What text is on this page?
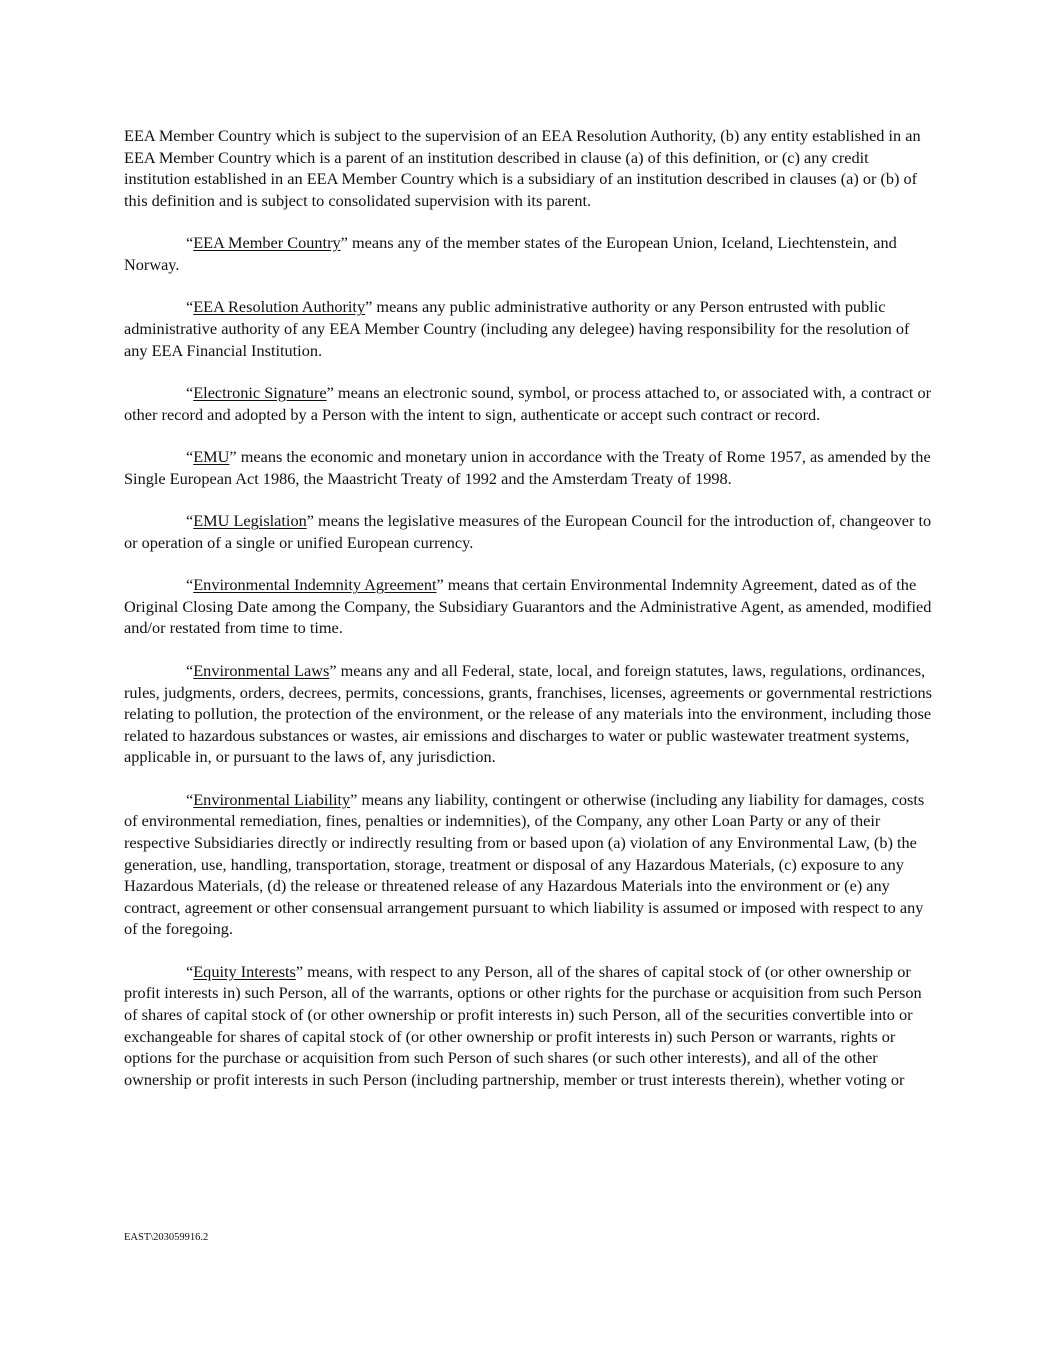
EEA Member Country which is subject to the supervision of an EEA Resolution Authority, (b) any entity established in an EEA Member Country which is a parent of an institution described in clause (a) of this definition, or (c) any credit institution established in an EEA Member Country which is a subsidiary of an institution described in clauses (a) or (b) of this definition and is subject to consolidated supervision with its parent.

“EEA Member Country” means any of the member states of the European Union, Iceland, Liechtenstein, and Norway.

“EEA Resolution Authority” means any public administrative authority or any Person entrusted with public administrative authority of any EEA Member Country (including any delegee) having responsibility for the resolution of any EEA Financial Institution.

“Electronic Signature” means an electronic sound, symbol, or process attached to, or associated with, a contract or other record and adopted by a Person with the intent to sign, authenticate or accept such contract or record.

“EMU” means the economic and monetary union in accordance with the Treaty of Rome 1957, as amended by the Single European Act 1986, the Maastricht Treaty of 1992 and the Amsterdam Treaty of 1998.

“EMU Legislation” means the legislative measures of the European Council for the introduction of, changeover to or operation of a single or unified European currency.

“Environmental Indemnity Agreement” means that certain Environmental Indemnity Agreement, dated as of the Original Closing Date among the Company, the Subsidiary Guarantors and the Administrative Agent, as amended, modified and/or restated from time to time.

“Environmental Laws” means any and all Federal, state, local, and foreign statutes, laws, regulations, ordinances, rules, judgments, orders, decrees, permits, concessions, grants, franchises, licenses, agreements or governmental restrictions relating to pollution, the protection of the environment, or the release of any materials into the environment, including those related to hazardous substances or wastes, air emissions and discharges to water or public wastewater treatment systems, applicable in, or pursuant to the laws of, any jurisdiction.

“Environmental Liability” means any liability, contingent or otherwise (including any liability for damages, costs of environmental remediation, fines, penalties or indemnities), of the Company, any other Loan Party or any of their respective Subsidiaries directly or indirectly resulting from or based upon (a) violation of any Environmental Law, (b) the generation, use, handling, transportation, storage, treatment or disposal of any Hazardous Materials, (c) exposure to any Hazardous Materials, (d) the release or threatened release of any Hazardous Materials into the environment or (e) any contract, agreement or other consensual arrangement pursuant to which liability is assumed or imposed with respect to any of the foregoing.

“Equity Interests” means, with respect to any Person, all of the shares of capital stock of (or other ownership or profit interests in) such Person, all of the warrants, options or other rights for the purchase or acquisition from such Person of shares of capital stock of (or other ownership or profit interests in) such Person, all of the securities convertible into or exchangeable for shares of capital stock of (or other ownership or profit interests in) such Person or warrants, rights or options for the purchase or acquisition from such Person of such shares (or such other interests), and all of the other ownership or profit interests in such Person (including partnership, member or trust interests therein), whether voting or

EAST\203059916.2
